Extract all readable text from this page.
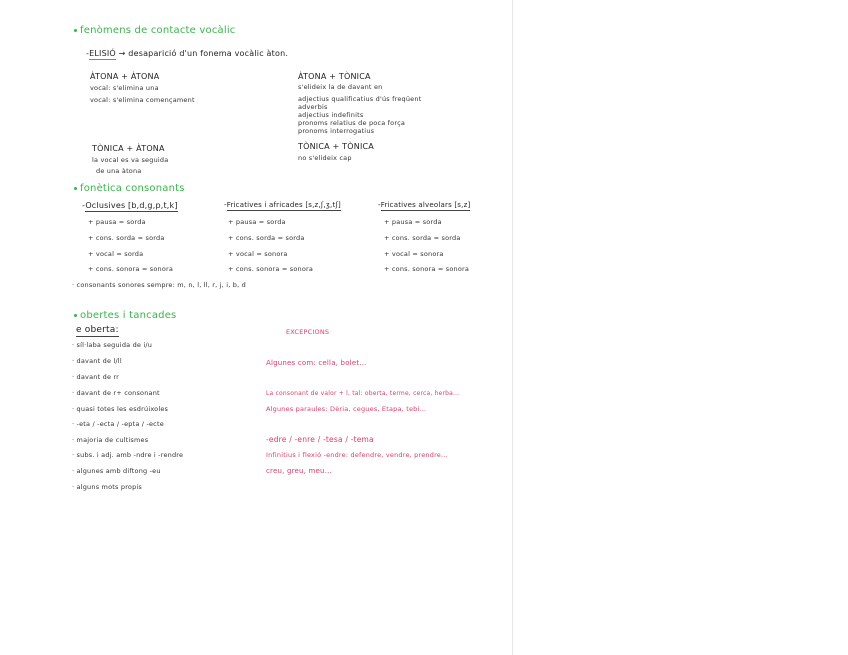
fenòmens de contacte vocàlic
-ELISIÓ → desaparició d'un fonema vocàlic àton.
ÀTONA + ÀTONA
vocal: s'elimina una
vocal: s'elimina començament
ÀTONA + TÒNICA
s'elideix la de davant en
adjectius qualificatius d'ús freqüent
adverbis
adjectius indefinits
pronoms relatius de poca força
pronoms interrogatius
TÒNICA + ÀTONA
la vocal es va seguida
de una àtona
TÒNICA + TÒNICA
no s'elideix cap
fonètica consonants
-Oclusives [b,d,g,p,t,k]
+ pausa = sorda
+ cons. sorda = sorda
+ vocal = sorda
+ cons. sonora = sonora
-Fricatives i africades [s,z,ʃ,ʒ,tʃ]
+ pausa = sorda
+ cons. sorda = sorda
+ vocal = sonora
+ cons. sonora = sonora
-Fricatives alveolars [s,z]
+ pausa = sorda
+ cons. sorda = sorda
+ vocal = sonora
+ cons. sonora = sonora
· consonants sonores sempre: m, n, l, ll, r, j, i, b, d
obertes i tancades
e oberta:	EXCEPCIONS
· síl·laba seguida de i/u
· davant de l/ll
· davant de rr
· davant de r+ consonant
· quasi totes les esdrúixoles
· -eta / -ecta / -epta / -ecte
· majoria de cultismes
· subs. i adj. amb -ndre i -rendre
· algunes amb diftong -eu
· alguns mots propis
Algunes com: cella, bolet...
La consonant de valor + l, tal: oberta, terme, cerca, herba...
Algunes paraules: Dèria, cegues, Etapa, tebi...
-edre / -enre / -tesa / -tema
Infinitius i flexió -endre: defendre, vendre, prendre...
creu, greu, meu...
